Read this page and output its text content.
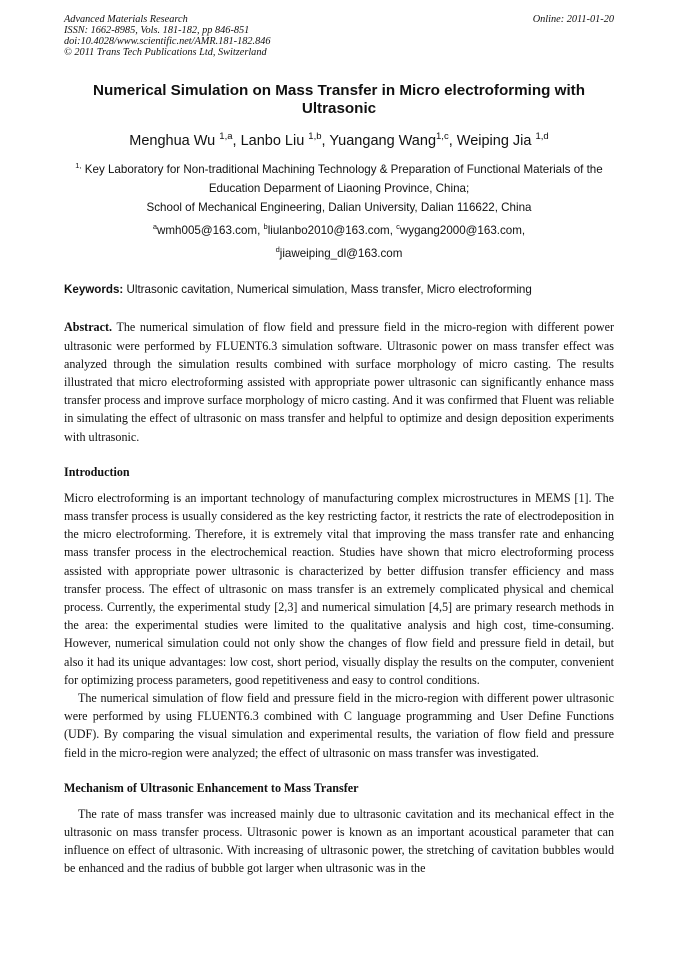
Advanced Materials Research
ISSN: 1662-8985, Vols. 181-182, pp 846-851
doi:10.4028/www.scientific.net/AMR.181-182.846
© 2011 Trans Tech Publications Ltd, Switzerland
Online: 2011-01-20
Numerical Simulation on Mass Transfer in Micro electroforming with Ultrasonic
Menghua Wu $^{1,a}$, Lanbo Liu $^{1,b}$, Yuangang Wang$^{1,c}$, Weiping Jia $^{1,d}$
$^{1,}$ Key Laboratory for Non-traditional Machining Technology & Preparation of Functional Materials of the Education Deparment of Liaoning Province, China;
School of Mechanical Engineering, Dalian University, Dalian 116622, China
$^a$wmh005@163.com, $^b$liulanbo2010@163.com, $^c$wygang2000@163.com,
$^d$jiaweiping_dl@163.com
Keywords: Ultrasonic cavitation, Numerical simulation, Mass transfer, Micro electroforming
Abstract. The numerical simulation of flow field and pressure field in the micro-region with different power ultrasonic were performed by FLUENT6.3 simulation software. Ultrasonic power on mass transfer effect was analyzed through the simulation results combined with surface morphology of micro casting. The results illustrated that micro electroforming assisted with appropriate power ultrasonic can significantly enhance mass transfer process and improve surface morphology of micro casting. And it was confirmed that Fluent was reliable in simulating the effect of ultrasonic on mass transfer and helpful to optimize and design deposition experiments with ultrasonic.
Introduction
Micro electroforming is an important technology of manufacturing complex microstructures in MEMS [1]. The mass transfer process is usually considered as the key restricting factor, it restricts the rate of electrodeposition in the micro electroforming. Therefore, it is extremely vital that improving the mass transfer rate and enhancing mass transfer process in the electrochemical reaction. Studies have shown that micro electroforming process assisted with appropriate power ultrasonic is characterized by better diffusion transfer efficiency and mass transfer process. The effect of ultrasonic on mass transfer is an extremely complicated physical and chemical process. Currently, the experimental study [2,3] and numerical simulation [4,5] are primary research methods in the area: the experimental studies were limited to the qualitative analysis and high cost, time-consuming. However, numerical simulation could not only show the changes of flow field and pressure field in detail, but also it had its unique advantages: low cost, short period, visually display the results on the computer, convenient for optimizing process parameters, good repetitiveness and easy to control conditions.
The numerical simulation of flow field and pressure field in the micro-region with different power ultrasonic were performed by using FLUENT6.3 combined with C language programming and User Define Functions (UDF). By comparing the visual simulation and experimental results, the variation of flow field and pressure field in the micro-region were analyzed; the effect of ultrasonic on mass transfer was investigated.
Mechanism of Ultrasonic Enhancement to Mass Transfer
The rate of mass transfer was increased mainly due to ultrasonic cavitation and its mechanical effect in the ultrasonic on mass transfer process. Ultrasonic power is known as an important acoustical parameter that can influence on effect of ultrasonic. With increasing of ultrasonic power, the stretching of cavitation bubbles would be enhanced and the radius of bubble got larger when ultrasonic was in the
